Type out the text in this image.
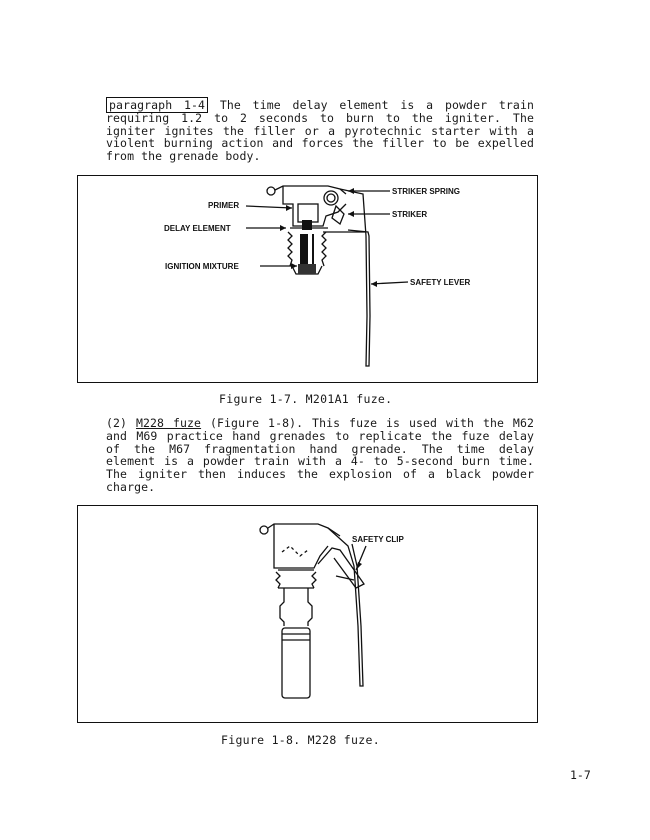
paragraph 1-4 The time delay element is a powder train requiring 1.2 to 2 seconds to burn to the igniter. The igniter ignites the filler or a pyrotechnic starter with a violent burning action and forces the filler to be expelled from the grenade body.
STRIKER SPRING
PRIMER
STRIKER
DELAY ELEMENT
IGNITION MIXTURE
SAFETY LEVER
Figure 1-7. M201A1 fuze.
(2) M228 fuze (Figure 1-8). This fuze is used with the M62 and M69 practice hand grenades to replicate the fuze delay of the M67 fragmentation hand grenade. The time delay element is a powder train with a 4- to 5-second burn time. The igniter then induces the explosion of a black powder charge.
SAFETY CLIP
Figure 1-8. M228 fuze.
1-7
